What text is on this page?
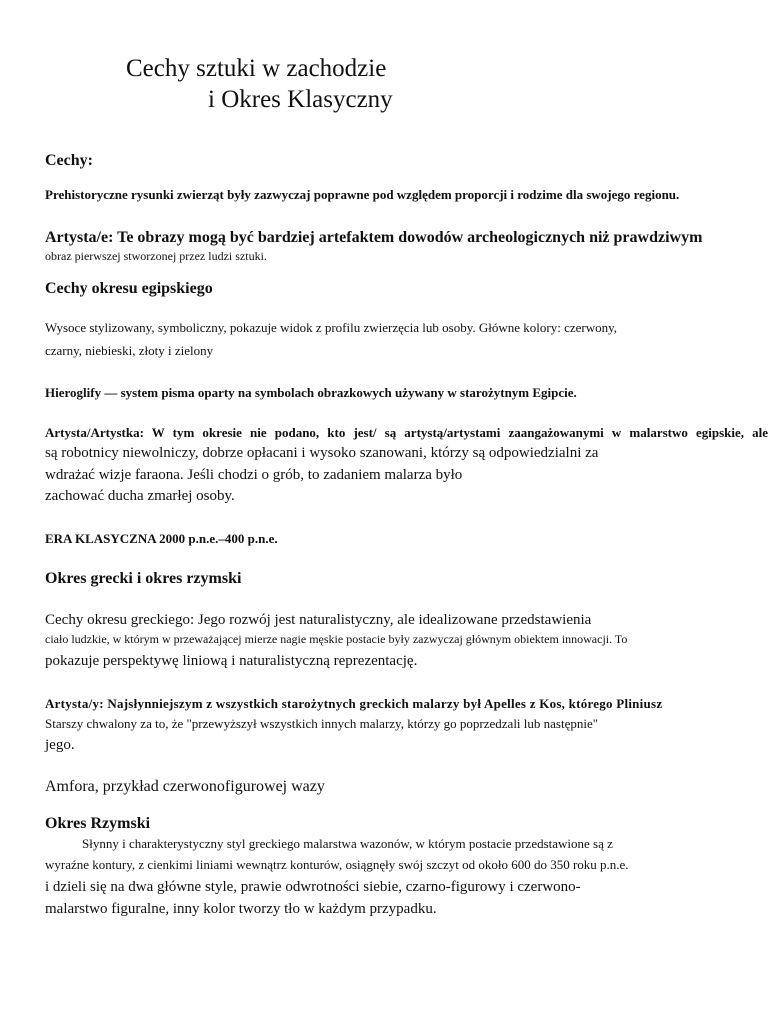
Cechy sztuki w zachodzie
i Okres Klasyczny
Cechy:
Prehistoryczne rysunki zwierząt były zazwyczaj poprawne pod względem proporcji i rodzime dla swojego regionu.
Artysta/e: Te obrazy mogą być bardziej artefaktem dowodów archeologicznych niż prawdziwym
obraz pierwszej stworzonej przez ludzi sztuki.
Cechy okresu egipskiego
Wysoce stylizowany, symboliczny, pokazuje widok z profilu zwierzęcia lub osoby. Główne kolory: czerwony,
czarny, niebieski, złoty i zielony
Hieroglify — system pisma oparty na symbolach obrazkowych używany w starożytnym Egipcie.
Artysta/Artystka: W tym okresie nie podano, kto jest/ są artystą/artystami zaangażowanymi w malarstwo egipskie, ale
są robotnicy niewolniczy, dobrze opłacani i wysoko szanowani, którzy są odpowiedzialni za
wdrażać wizje faraona. Jeśli chodzi o grób, to zadaniem malarza było
zachować ducha zmarłej osoby.
ERA KLASYCZNA 2000 p.n.e.–400 p.n.e.
Okres grecki i okres rzymski
Cechy okresu greckiego: Jego rozwój jest naturalistyczny, ale idealizowane przedstawienia
ciało ludzkie, w którym w przeważającej mierze nagie męskie postacie były zazwyczaj głównym obiektem innowacji. To
pokazuje perspektywę liniową i naturalistyczną reprezentację.
Artysta/y: Najsłynniejszym z wszystkich starożytnych greckich malarzy był Apelles z Kos, którego Pliniusz
Starszy chwalony za to, że "przewyższył wszystkich innych malarzy, którzy go poprzedzali lub następnie"
jego.
Amfora, przykład czerwonofigurowej wazy
Okres Rzymski
Słynny i charakterystyczny styl greckiego malarstwa wazonów, w którym postacie przedstawione są z
wyraźne kontury, z cienkimi liniami wewnątrz konturów, osiągnęły swój szczyt od około 600 do 350 roku p.n.e.
i dzieli się na dwa główne style, prawie odwrotności siebie, czarno-figurowy i czerwono-
malarstwo figuralne, inny kolor tworzy tło w każdym przypadku.
